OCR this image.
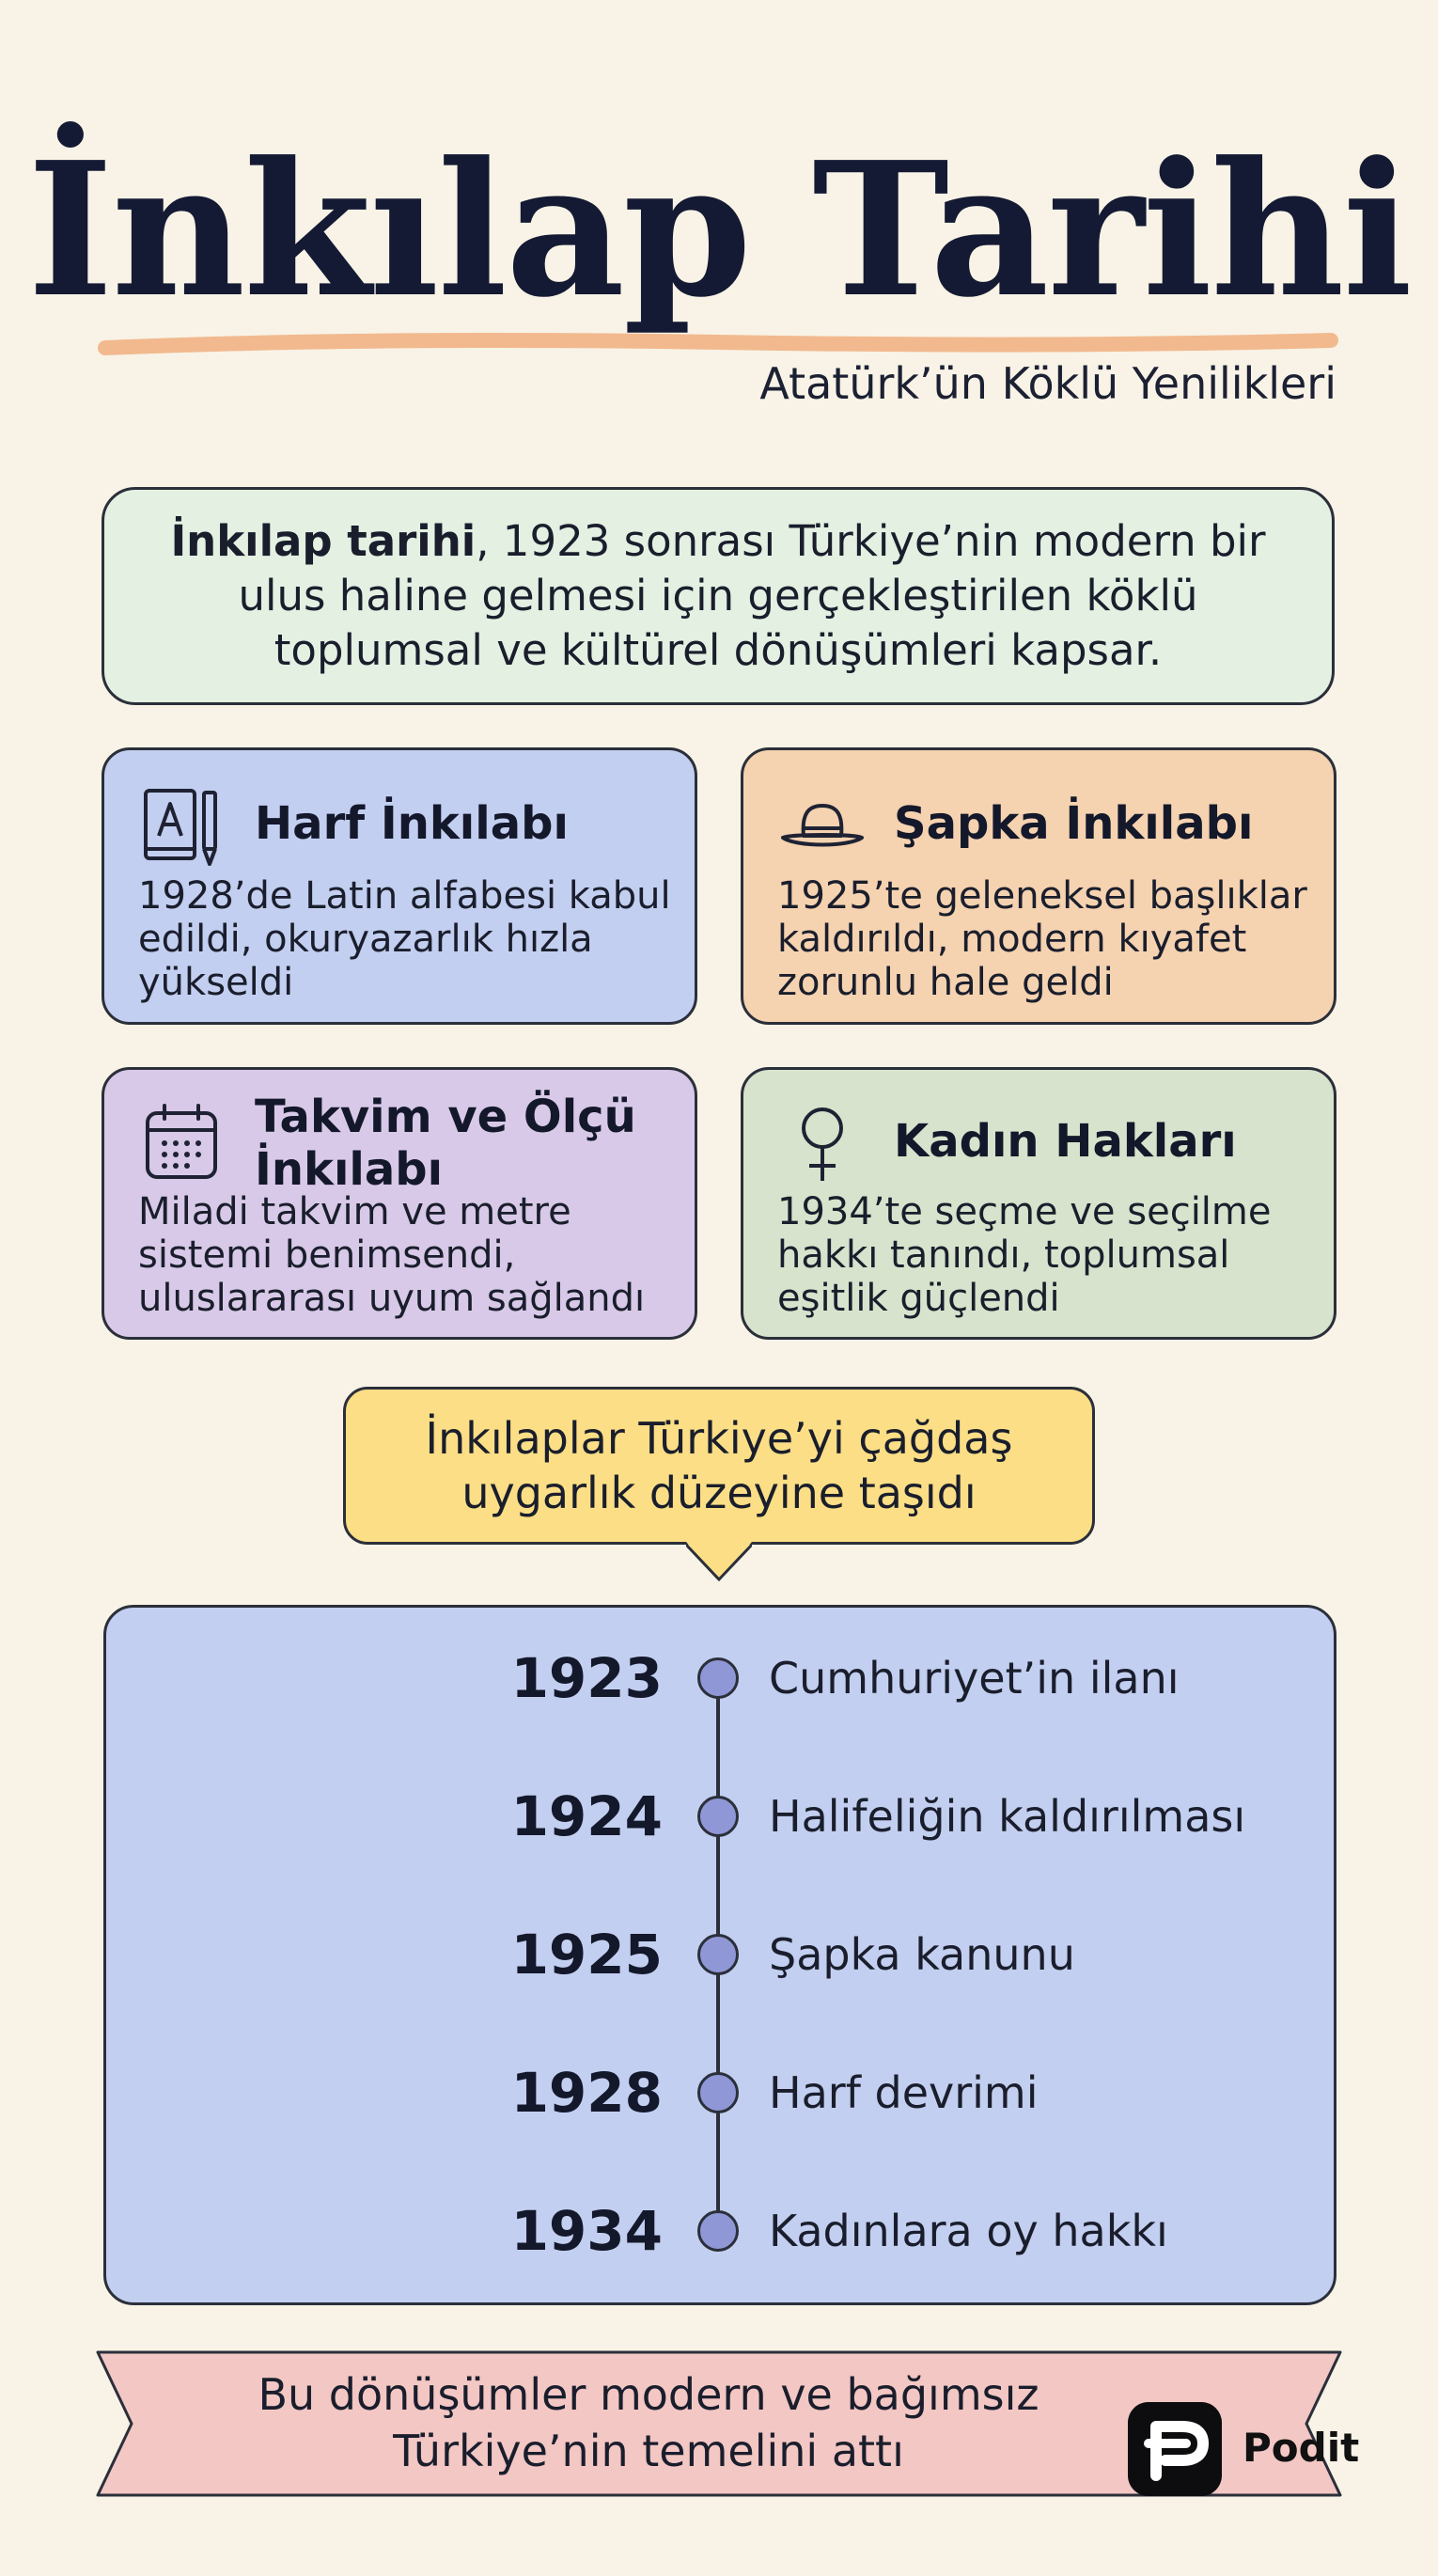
İnkılap Tarihi
Atatürk’ün Köklü Yenilikleri
İnkılap tarihi, 1923 sonrası Türkiye’nin modern bir ulus haline gelmesi için gerçekleştirilen köklü toplumsal ve kültürel dönüşümleri kapsar.
Harf İnkılabı
1928’de Latin alfabesi kabul edildi, okuryazarlık hızla yükseldi
Şapka İnkılabı
1925’te geleneksel başlıklar kaldırıldı, modern kıyafet zorunlu hale geldi
Takvim ve Ölçü İnkılabı
Miladi takvim ve metre sistemi benimsendi, uluslararası uyum sağlandı
Kadın Hakları
1934’te seçme ve seçilme hakkı tanındı, toplumsal eşitlik güçlendi
İnkılaplar Türkiye’yi çağdaş uygarlık düzeyine taşıdı
1923 Cumhuriyet’in ilanı
1924 Halifeliğin kaldırılması
1925 Şapka kanunu
1928 Harf devrimi
1934 Kadınlara oy hakkı
Bu dönüşümler modern ve bağımsız Türkiye’nin temelini attı	Podit
